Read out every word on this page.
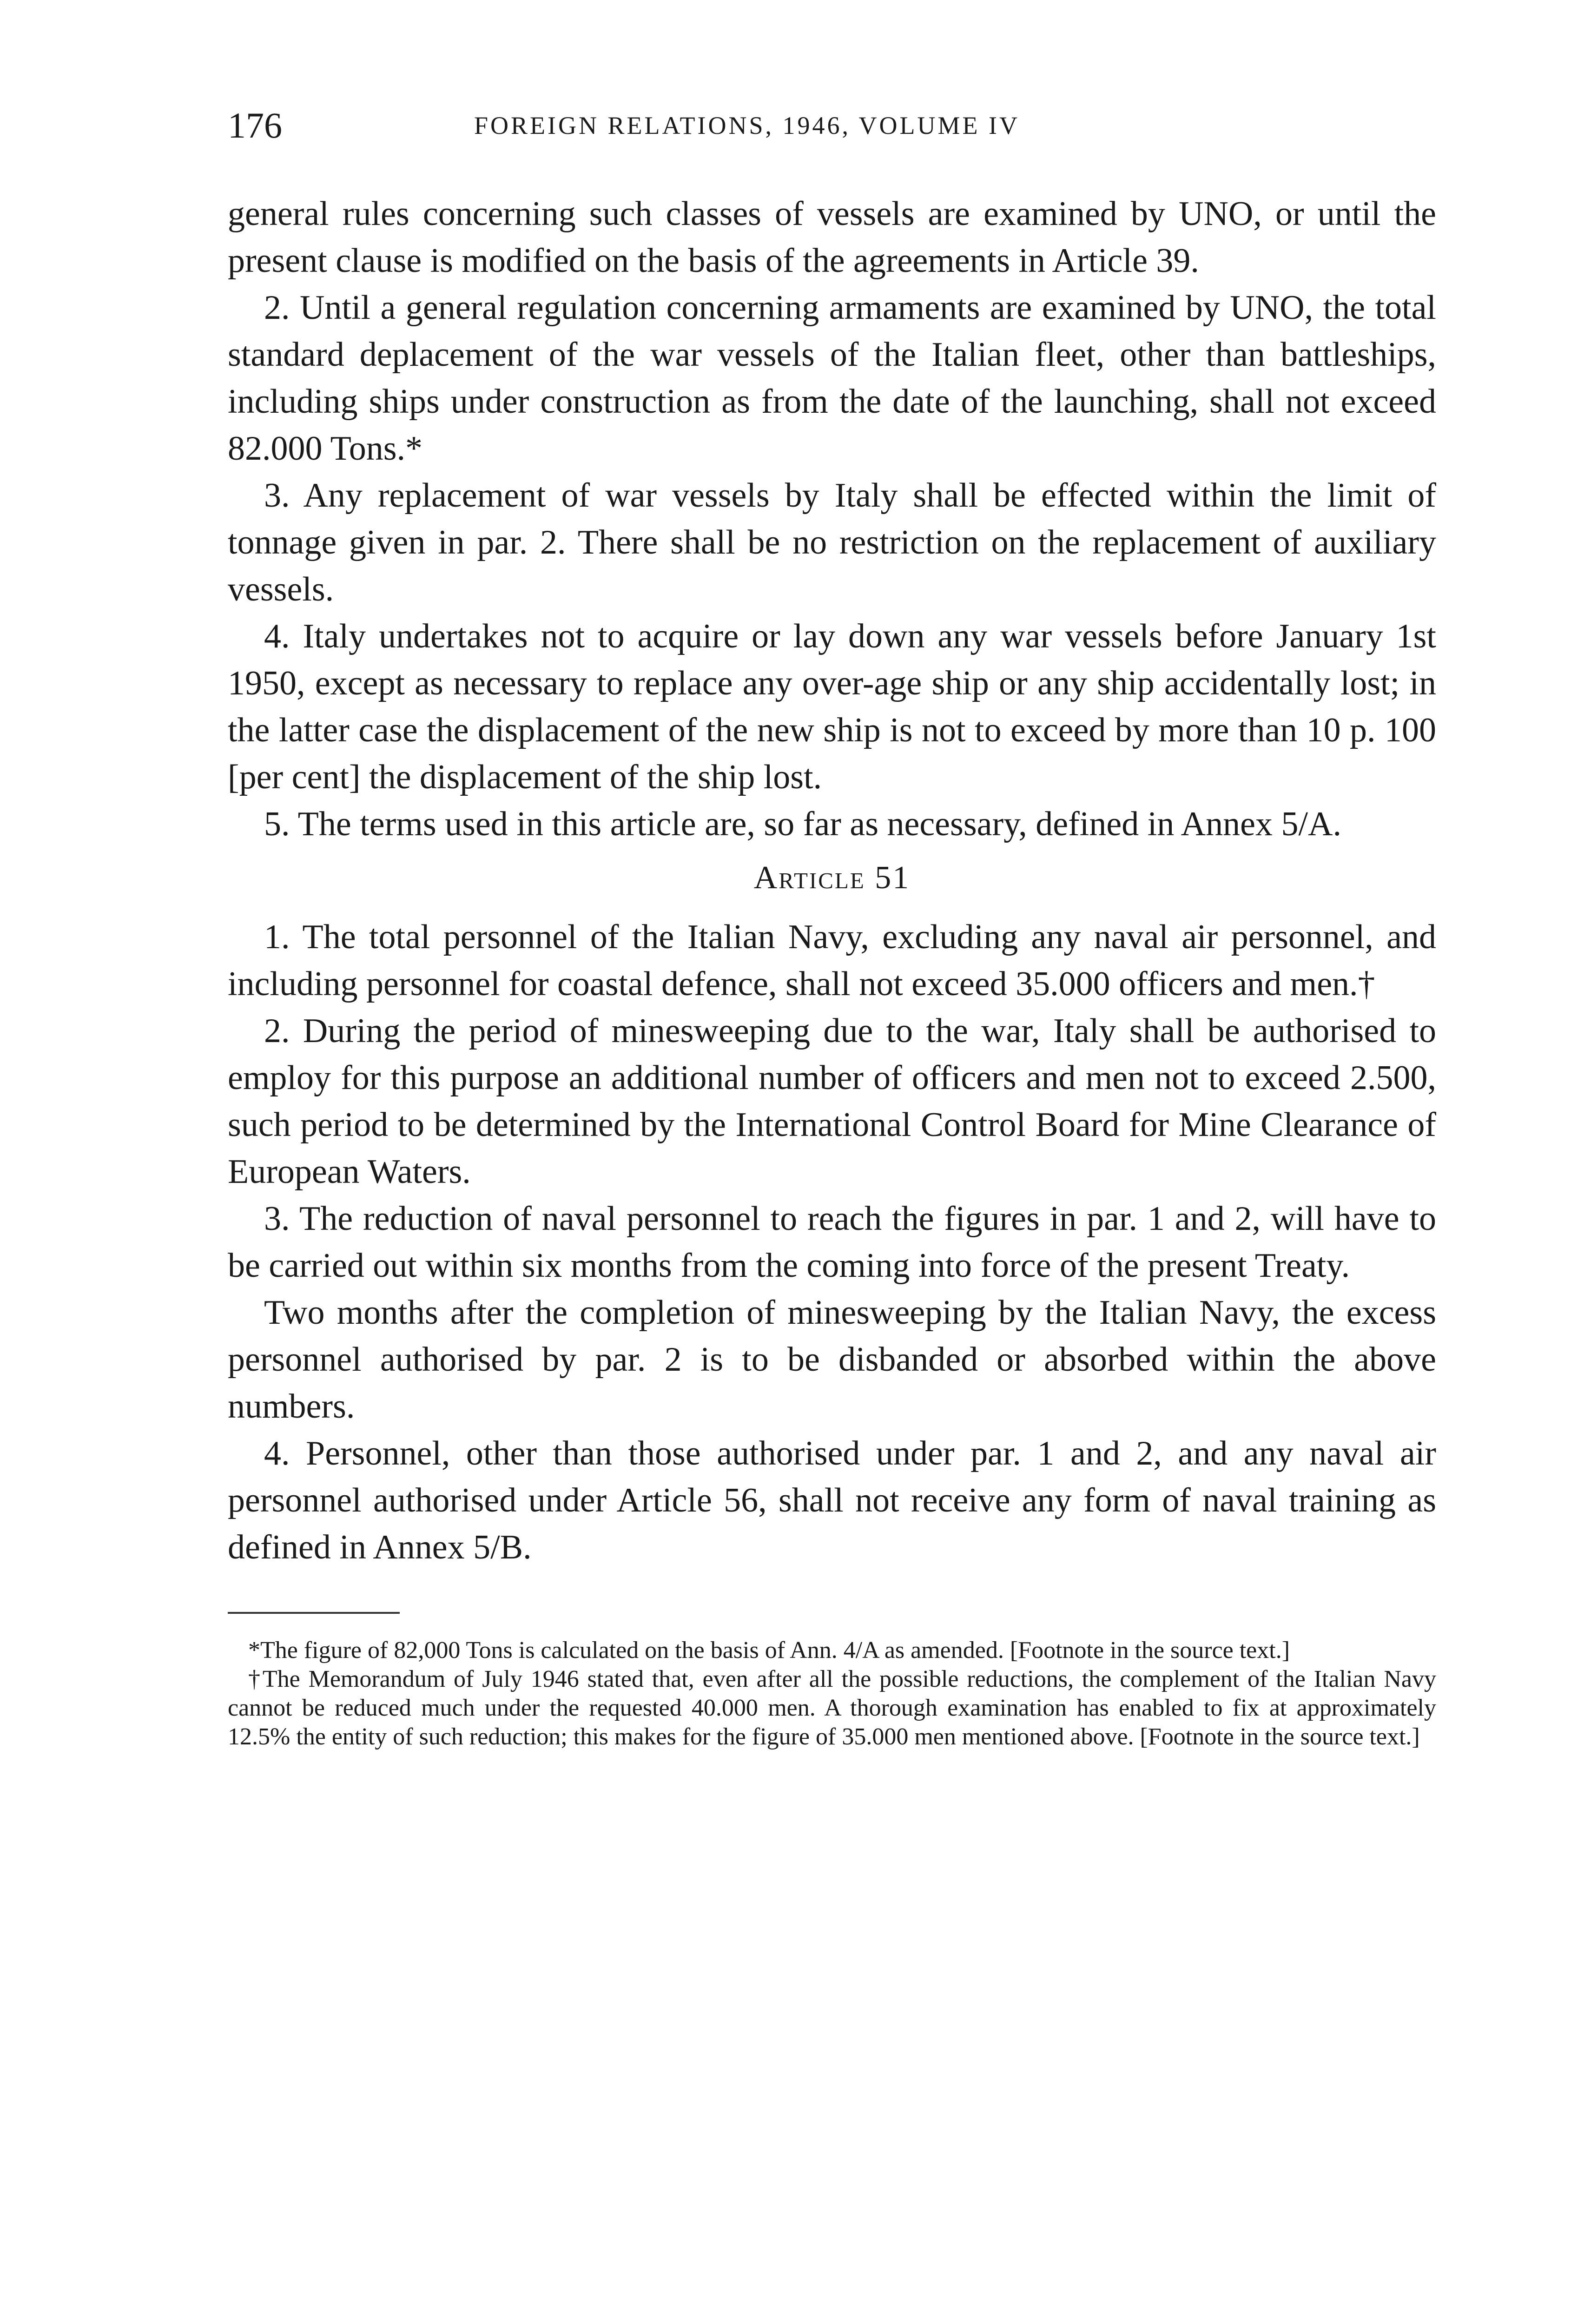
176	FOREIGN RELATIONS, 1946, VOLUME IV

general rules concerning such classes of vessels are examined by UNO, or until the present clause is modified on the basis of the agreements in Article 39.

2. Until a general regulation concerning armaments are examined by UNO, the total standard deplacement of the war vessels of the Italian fleet, other than battleships, including ships under construction as from the date of the launching, shall not exceed 82.000 Tons.*

3. Any replacement of war vessels by Italy shall be effected within the limit of tonnage given in par. 2. There shall be no restriction on the replacement of auxiliary vessels.

4. Italy undertakes not to acquire or lay down any war vessels before January 1st 1950, except as necessary to replace any over-age ship or any ship accidentally lost; in the latter case the displacement of the new ship is not to exceed by more than 10 p. 100 [per cent] the displacement of the ship lost.

5. The terms used in this article are, so far as necessary, defined in Annex 5/A.

Article 51

1. The total personnel of the Italian Navy, excluding any naval air personnel, and including personnel for coastal defence, shall not exceed 35.000 officers and men.†

2. During the period of minesweeping due to the war, Italy shall be authorised to employ for this purpose an additional number of officers and men not to exceed 2.500, such period to be determined by the International Control Board for Mine Clearance of European Waters.

3. The reduction of naval personnel to reach the figures in par. 1 and 2, will have to be carried out within six months from the coming into force of the present Treaty.

Two months after the completion of minesweeping by the Italian Navy, the excess personnel authorised by par. 2 is to be disbanded or absorbed within the above numbers.

4. Personnel, other than those authorised under par. 1 and 2, and any naval air personnel authorised under Article 56, shall not receive any form of naval training as defined in Annex 5/B.

*The figure of 82,000 Tons is calculated on the basis of Ann. 4/A as amended. [Footnote in the source text.]

†The Memorandum of July 1946 stated that, even after all the possible reductions, the complement of the Italian Navy cannot be reduced much under the requested 40.000 men. A thorough examination has enabled to fix at approximately 12.5% the entity of such reduction; this makes for the figure of 35.000 men mentioned above. [Footnote in the source text.]
